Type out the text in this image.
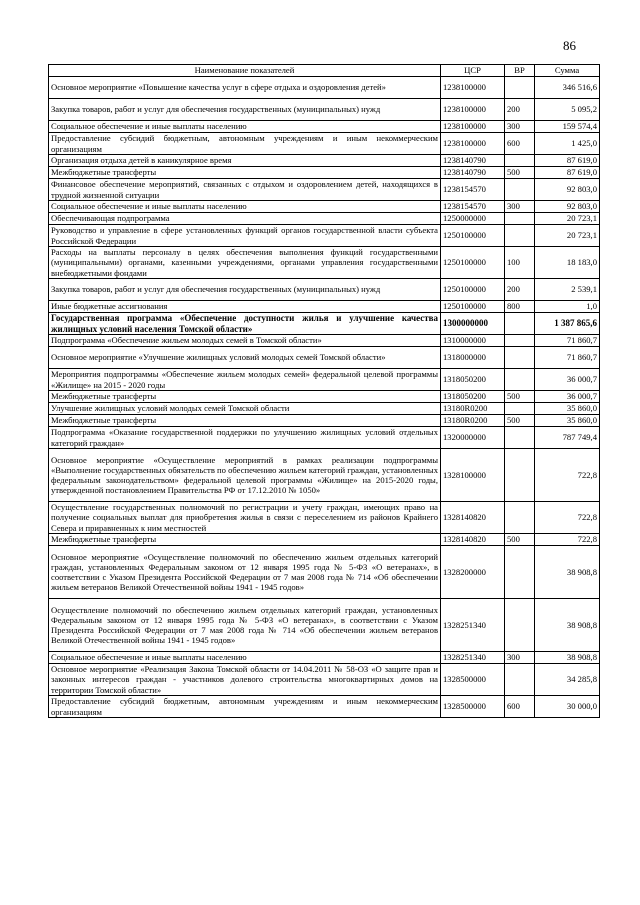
86
Наименование показателей	ЦСР	ВР	Сумма
Основное мероприятие «Повышение качества услуг в сфере отдыха и оздоровления детей»	1238100000		346 516,6
Закупка товаров, работ и услуг для обеспечения государственных (муниципальных) нужд	1238100000	200	5 095,2
Социальное обеспечение и иные выплаты населению	1238100000	300	159 574,4
Предоставление субсидий бюджетным, автономным учреждениям и иным некоммерческим организациям	1238100000	600	1 425,0
Организация отдыха детей в каникулярное время	1238140790		87 619,0
Межбюджетные трансферты	1238140790	500	87 619,0
Финансовое обеспечение мероприятий, связанных с отдыхом и оздоровлением детей, находящихся в трудной жизненной ситуации	1238154570		92 803,0
Социальное обеспечение и иные выплаты населению	1238154570	300	92 803,0
Обеспечивающая подпрограмма	1250000000		20 723,1
Руководство и управление в сфере установленных функций органов государственной власти субъекта Российской Федерации	1250100000		20 723,1
Расходы на выплаты персоналу в целях обеспечения выполнения функций государственными (муниципальными) органами, казенными учреждениями, органами управления государственными внебюджетными фондами	1250100000	100	18 183,0
Закупка товаров, работ и услуг для обеспечения государственных (муниципальных) нужд	1250100000	200	2 539,1
Иные бюджетные ассигнования	1250100000	800	1,0
Государственная программа «Обеспечение доступности жилья и улучшение качества жилищных условий населения Томской области»	1300000000		1 387 865,6
Подпрограмма «Обеспечение жильем молодых семей в Томской области»	1310000000		71 860,7
Основное мероприятие «Улучшение жилищных условий молодых семей Томской области»	1318000000		71 860,7
Мероприятия подпрограммы «Обеспечение жильем молодых семей» федеральной целевой программы «Жилище» на 2015 - 2020 годы	1318050200		36 000,7
Межбюджетные трансферты	1318050200	500	36 000,7
Улучшение жилищных условий молодых семей Томской области	13180R0200		35 860,0
Межбюджетные трансферты	13180R0200	500	35 860,0
Подпрограмма «Оказание государственной поддержки по улучшению жилищных условий отдельных категорий граждан»	1320000000		787 749,4
Основное мероприятие «Осуществление мероприятий в рамках реализации подпрограммы «Выполнение государственных обязательств по обеспечению жильем категорий граждан, установленных федеральным законодательством» федеральной целевой программы «Жилище» на 2015-2020 годы, утвержденной постановлением Правительства РФ от 17.12.2010 № 1050»	1328100000		722,8
Осуществление государственных полномочий по регистрации и учету граждан, имеющих право на получение социальных выплат для приобретения жилья в связи с переселением из районов Крайнего Севера и приравненных к ним местностей	1328140820		722,8
Межбюджетные трансферты	1328140820	500	722,8
Основное мероприятие «Осуществление полномочий по обеспечению жильем отдельных категорий граждан, установленных Федеральным законом от 12 января 1995 года № 5-ФЗ «О ветеранах», в соответствии с Указом Президента Российской Федерации от 7 мая 2008 года № 714 «Об обеспечении жильем ветеранов Великой Отечественной войны 1941 - 1945 годов»	1328200000		38 908,8
Осуществление полномочий по обеспечению жильем отдельных категорий граждан, установленных Федеральным законом от 12 января 1995 года № 5-ФЗ «О ветеранах», в соответствии с Указом Президента Российской Федерации от 7 мая 2008 года № 714 «Об обеспечении жильем ветеранов Великой Отечественной войны 1941 - 1945 годов»	1328251340		38 908,8
Социальное обеспечение и иные выплаты населению	1328251340	300	38 908,8
Основное мероприятие «Реализация Закона Томской области от 14.04.2011 № 58-ОЗ «О защите прав и законных интересов граждан - участников долевого строительства многоквартирных домов на территории Томской области»	1328500000		34 285,8
Предоставление субсидий бюджетным, автономным учреждениям и иным некоммерческим организациям	1328500000	600	30 000,0
